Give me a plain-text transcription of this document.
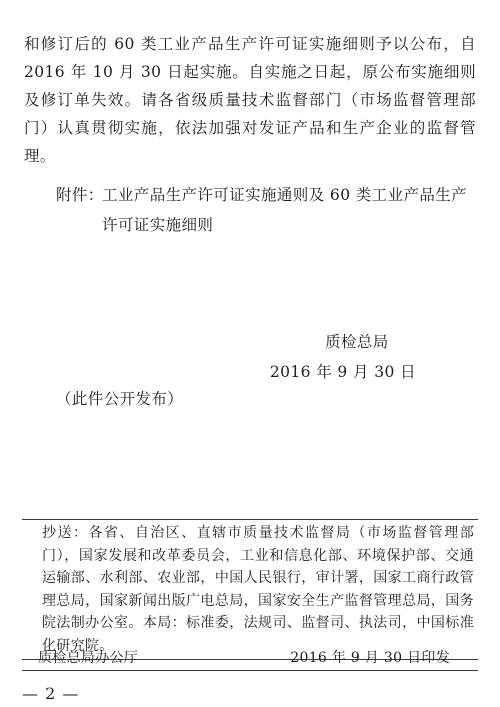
和修订后的 60 类工业产品生产许可证实施细则予以公布，自 2016 年 10 月 30 日起实施。自实施之日起，原公布实施细则及修订单失效。请各省级质量技术监督部门（市场监督管理部门）认真贯彻实施，依法加强对发证产品和生产企业的监督管理。
附件：
工业产品生产许可证实施通则及 60 类工业产品生产许可证实施细则
质检总局
2016 年 9 月 30 日
（此件公开发布）
抄送：各省、自治区、直辖市质量技术监督局（市场监督管理部门），国家发展和改革委员会，工业和信息化部、环境保护部、交通运输部、水利部、农业部，中国人民银行，审计署，国家工商行政管理总局，国家新闻出版广电总局，国家安全生产监督管理总局，国务院法制办公室。本局：标准委，法规司、监督司、执法司，中国标准化研究院。
质检总局办公厅	2016 年 9 月 30 日印发
— 2 —
